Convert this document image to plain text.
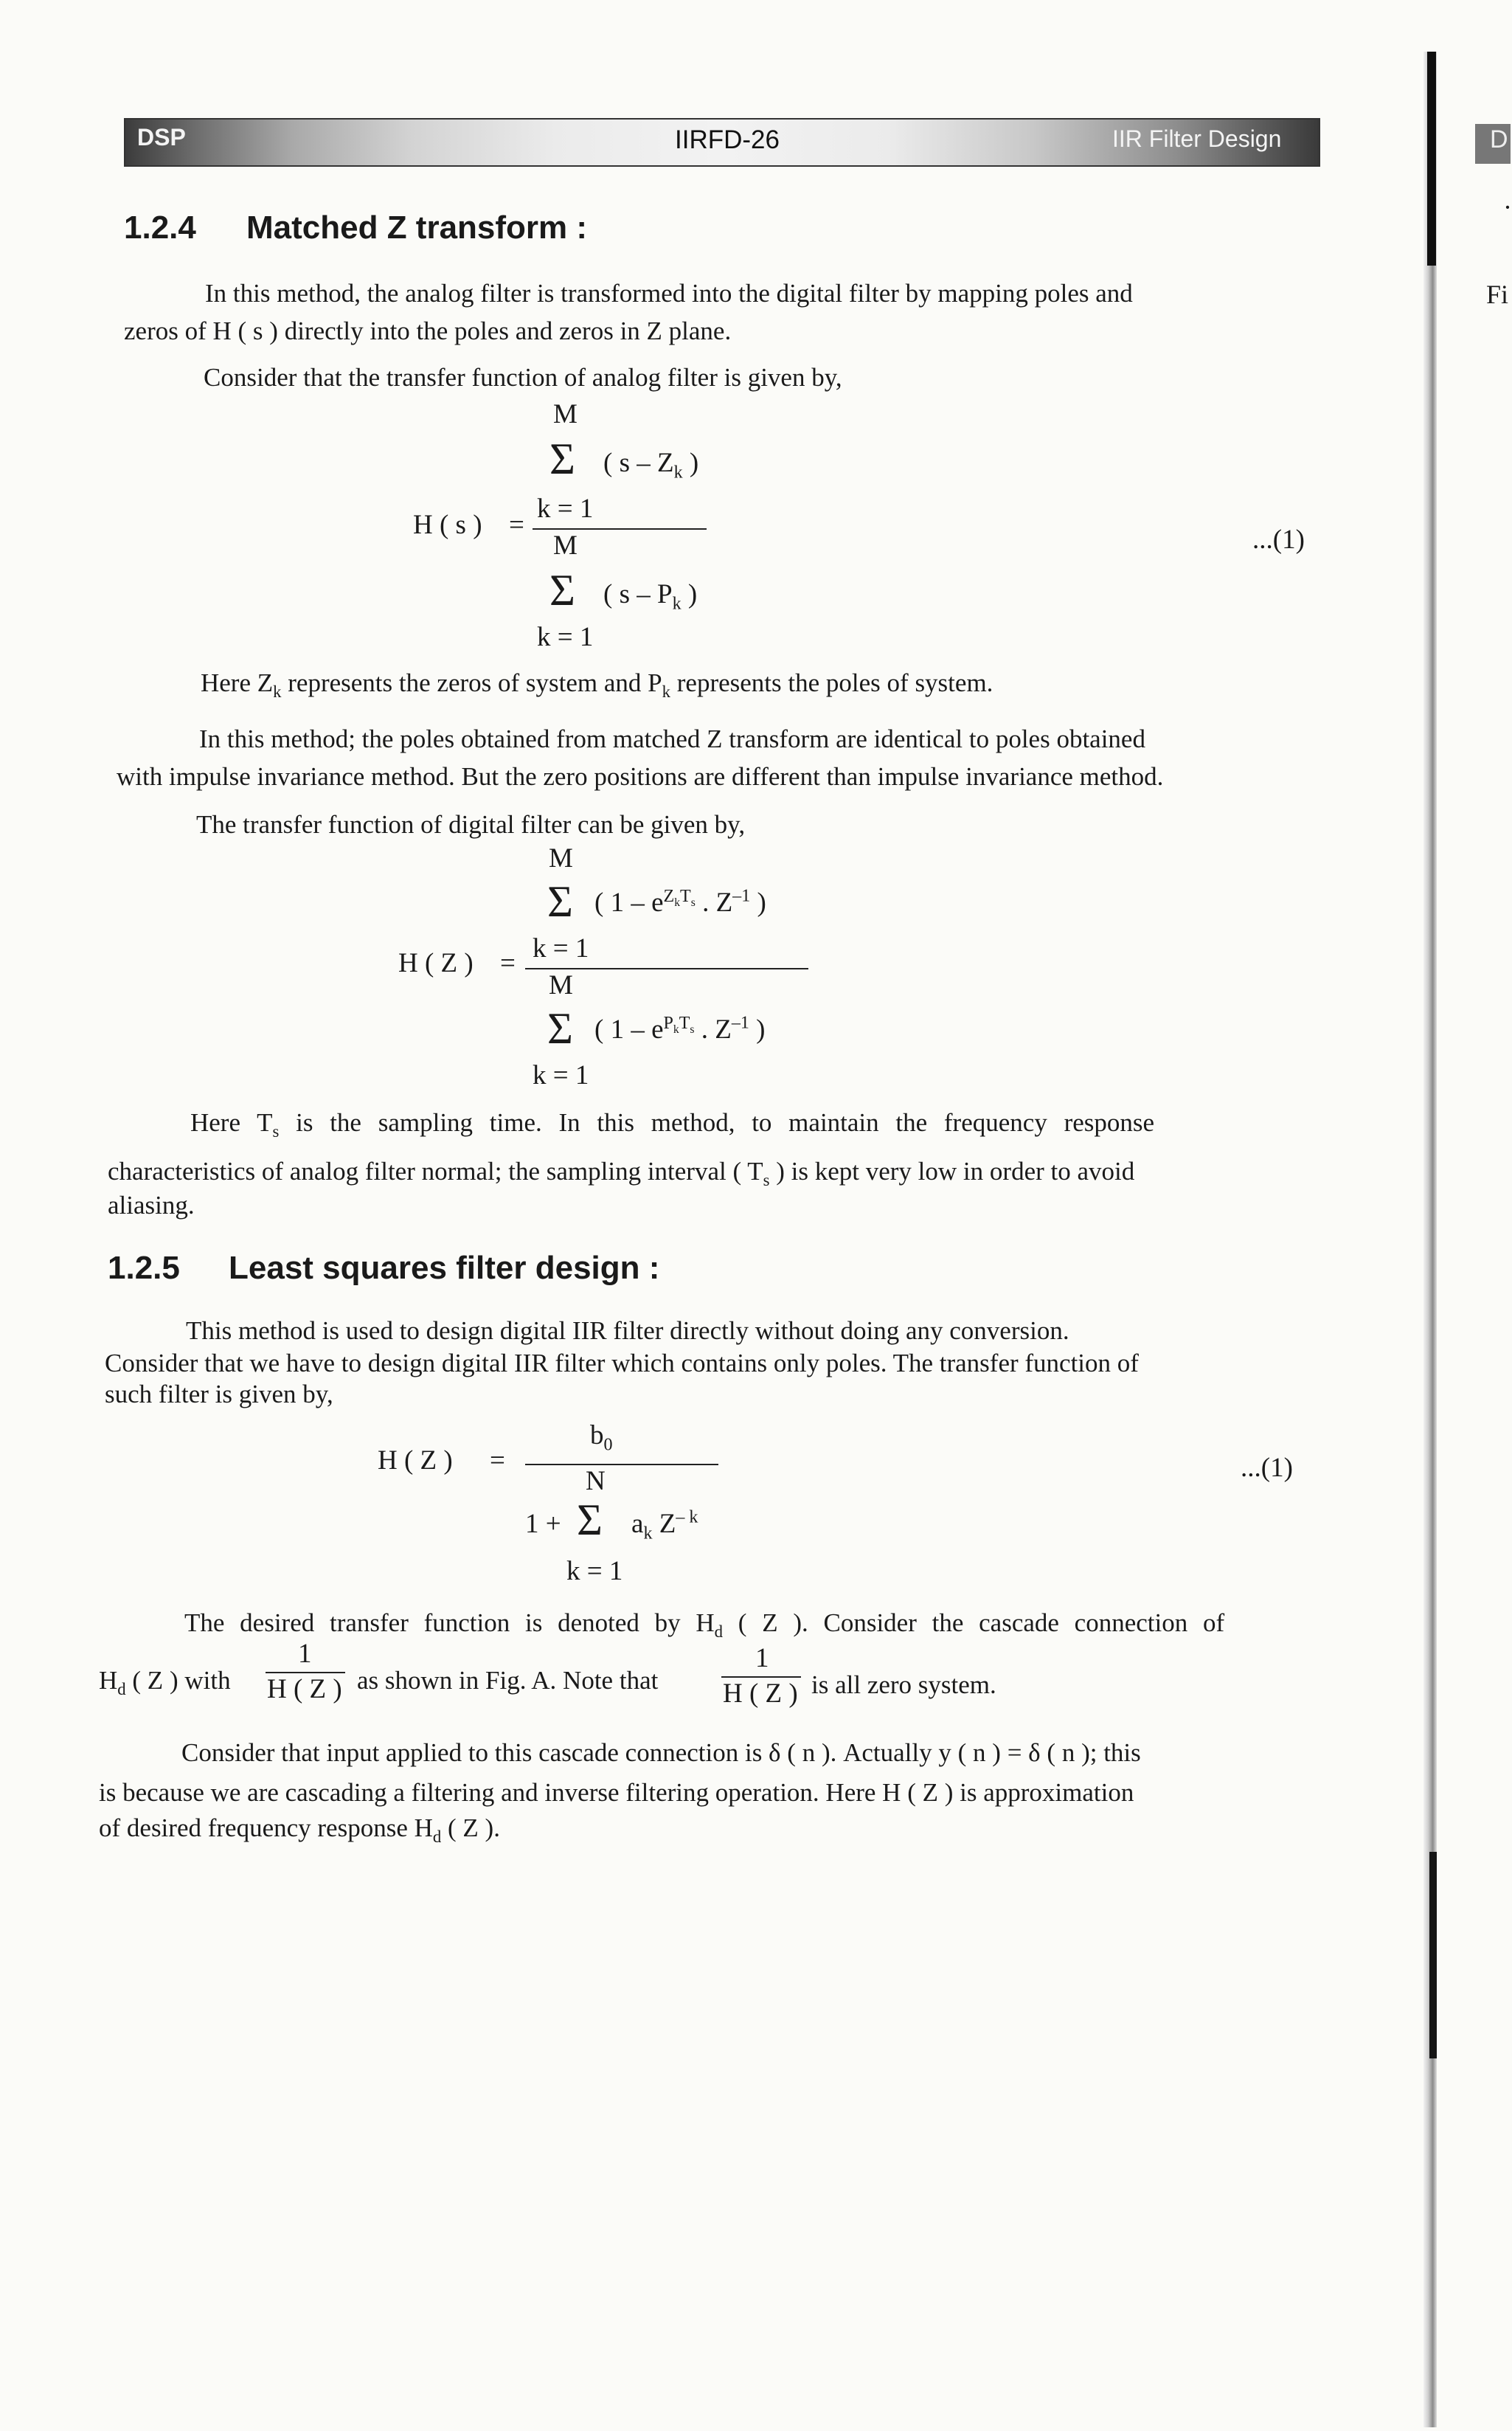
DSP	IIRFD-26	IIR Filter Design	D
·
Fi
1.2.4 Matched Z transform :
In this method, the analog filter is transformed into the digital filter by mapping poles and
zeros of H ( s ) directly into the poles and zeros in Z plane.
Consider that the transfer function of analog filter is given by,
M
Σ ( s – $Z_k$ )
k = 1
H ( s ) =
M
Σ ( s – $P_k$ )
k = 1
...(1)
Here $Z_k$ represents the zeros of system and $P_k$ represents the poles of system.
In this method; the poles obtained from matched Z transform are identical to poles obtained
with impulse invariance method. But the zero positions are different than impulse invariance method.
The transfer function of digital filter can be given by,
M
Σ ( $1 - e^{Z_kT_s}$ . $Z^{-1}$ )
k = 1
H ( Z ) =
M
Σ ( $1 - e^{P_kT_s}$ . $Z^{-1}$ )
k = 1
Here $T_s$ is the sampling time. In this method, to maintain the frequency response
characteristics of analog filter normal; the sampling interval ( $T_s$ ) is kept very low in order to avoid
aliasing.
1.2.5 Least squares filter design :
This method is used to design digital IIR filter directly without doing any conversion.
Consider that we have to design digital IIR filter which contains only poles. The transfer function of
such filter is given by,
$b_0$
H ( Z ) =
N
1 + Σ $a_k$ $Z^{- k}$
k = 1
...(1)
The desired transfer function is denoted by $H_d$ ( Z ). Consider the cascade connection of
$H_d$ ( Z ) with
1
H ( Z ) as shown in Fig. A. Note that
1
H ( Z ) is all zero system.
Consider that input applied to this cascade connection is δ ( n ). Actually y ( n ) = δ ( n ); this
is because we are cascading a filtering and inverse filtering operation. Here H ( Z ) is approximation
of desired frequency response $H_d$ ( Z ).
